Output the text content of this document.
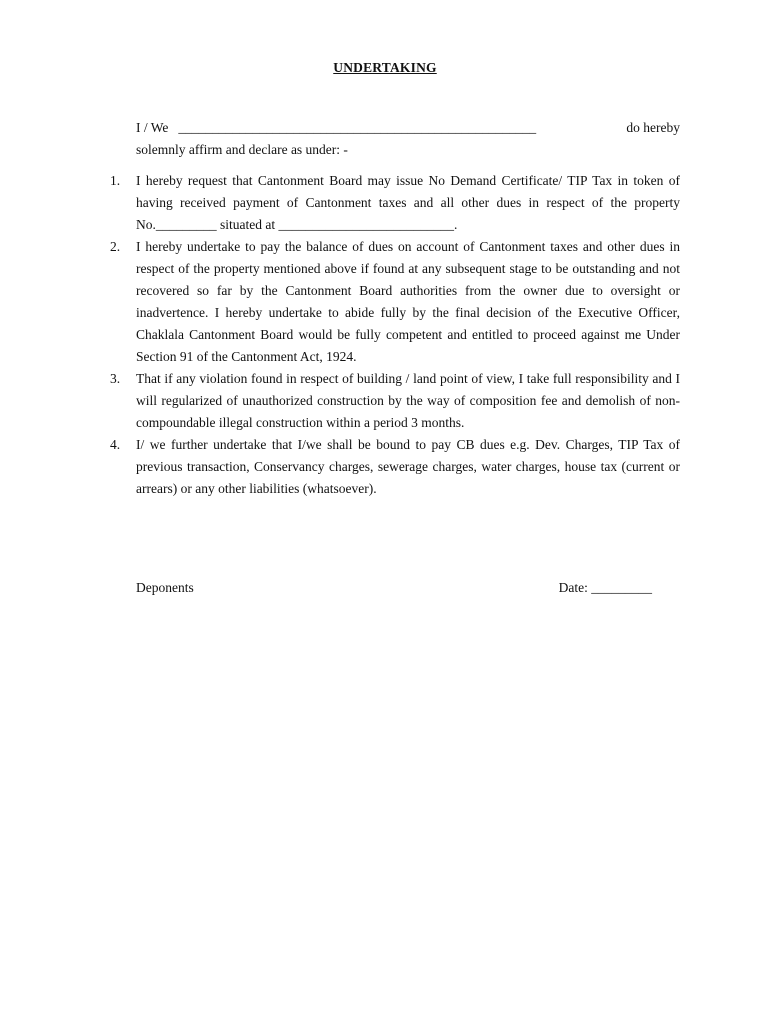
UNDERTAKING
I / We _____________________________________________________	do hereby
solemnly affirm and declare as under: -
1.	I hereby request that Cantonment Board may issue No Demand Certificate/ TIP Tax in token of having received payment of Cantonment taxes and all other dues in respect of the property No._________ situated at __________________________.
2.	I hereby undertake to pay the balance of dues on account of Cantonment taxes and other dues in respect of the property mentioned above if found at any subsequent stage to be outstanding and not recovered so far by the Cantonment Board authorities from the owner due to oversight or inadvertence. I hereby undertake to abide fully by the final decision of the Executive Officer, Chaklala Cantonment Board would be fully competent and entitled to proceed against me Under Section 91 of the Cantonment Act, 1924.
3.	That if any violation found in respect of building / land point of view, I take full responsibility and I will regularized of unauthorized construction by the way of composition fee and demolish of non-compoundable illegal construction within a period 3 months.
4.	I/ we further undertake that I/we shall be bound to pay CB dues e.g. Dev. Charges, TIP Tax of previous transaction, Conservancy charges, sewerage charges, water charges, house tax (current or arrears) or any other liabilities (whatsoever).
Deponents	Date: _________
